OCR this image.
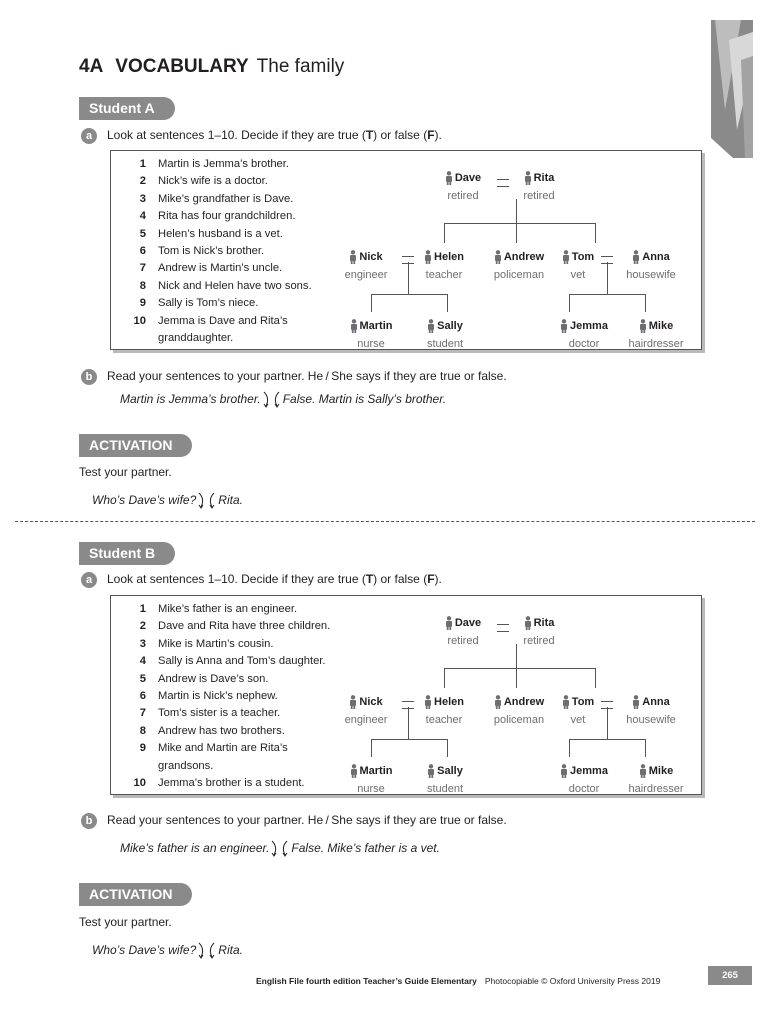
4A VOCABULARY The family
Student A
a	Look at sentences 1–10. Decide if they are true (T) or false (F).
1	Martin is Jemma’s brother.
2	Nick’s wife is a doctor.
3	Mike’s grandfather is Dave.
4	Rita has four grandchildren.
5	Helen’s husband is a vet.
6	Tom is Nick’s brother.
7	Andrew is Martin’s uncle.
8	Nick and Helen have two sons.
9	Sally is Tom’s niece.
10	Jemma is Dave and Rita’s granddaughter.
Dave
retired
Rita
retired
Nick
engineer
Helen
teacher
Andrew
policeman
Tom
vet
Anna
housewife
Martin
nurse
Sally
student
Jemma
doctor
Mike
hairdresser
b	Read your sentences to your partner. He / She says if they are true or false.
Martin is Jemma’s brother. False. Martin is Sally’s brother.
ACTIVATION
Test your partner.
Who’s Dave’s wife? Rita.
Student B
a	Look at sentences 1–10. Decide if they are true (T) or false (F).
1	Mike’s father is an engineer.
2	Dave and Rita have three children.
3	Mike is Martin’s cousin.
4	Sally is Anna and Tom’s daughter.
5	Andrew is Dave’s son.
6	Martin is Nick’s nephew.
7	Tom’s sister is a teacher.
8	Andrew has two brothers.
9	Mike and Martin are Rita’s grandsons.
10	Jemma’s brother is a student.
Dave
retired
Rita
retired
Nick
engineer
Helen
teacher
Andrew
policeman
Tom
vet
Anna
housewife
Martin
nurse
Sally
student
Jemma
doctor
Mike
hairdresser
b	Read your sentences to your partner. He / She says if they are true or false.
Mike’s father is an engineer. False. Mike’s father is a vet.
ACTIVATION
Test your partner.
Who’s Dave’s wife? Rita.
English File fourth edition Teacher’s Guide Elementary Photocopiable © Oxford University Press 2019	265
